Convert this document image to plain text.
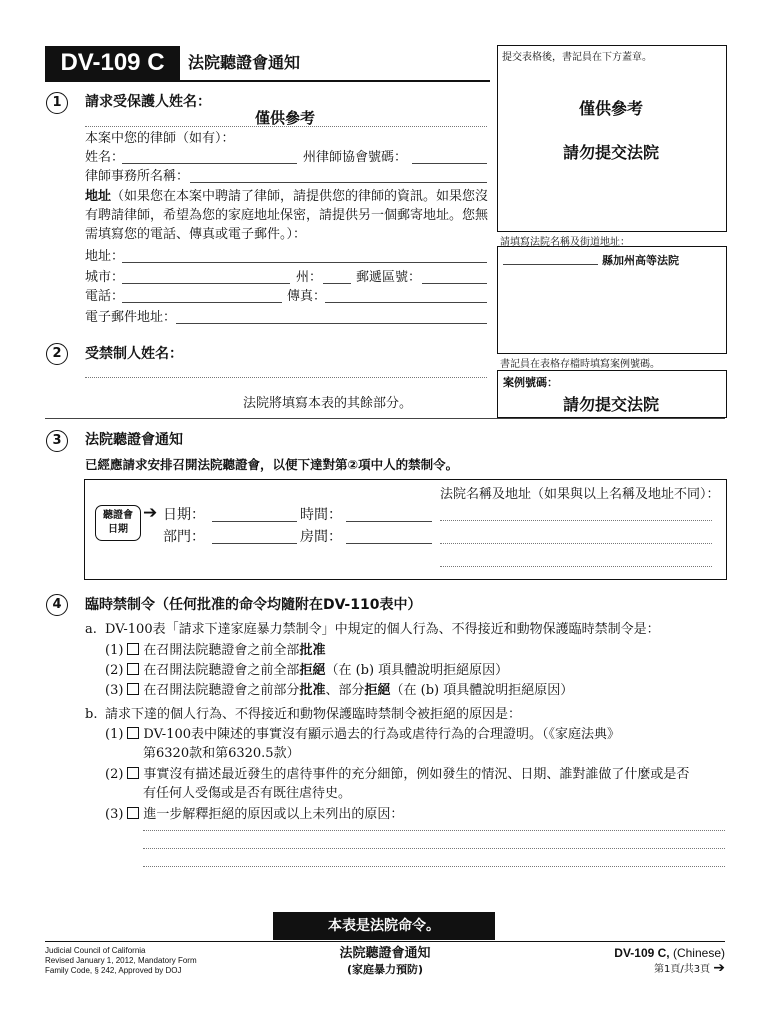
DV-109 C	法院聽證會通知	提交表格後，書記員在下方蓋章。
僅供參考
請勿提交法院
請填寫法院名稱及街道地址：
縣加州高等法院
書記員在表格存檔時填寫案例號碼。
案例號碼：
請勿提交法院
1	請求受保護人姓名：
僅供參考
本案中您的律師（如有）：
姓名：	州律師協會號碼：
律師事務所名稱：
地址（如果您在本案中聘請了律師，請提供您的律師的資訊。如果您沒有聘請律師，希望為您的家庭地址保密，請提供另一個郵寄地址。您無需填寫您的電話、傳真或電子郵件。）：
地址：
城市：	州：	郵遞區號：
電話：	傳真：
電子郵件地址：
2	受禁制人姓名：
法院將填寫本表的其餘部分。
3	法院聽證會通知
已經應請求安排召開法院聽證會，以便下達對第②項中人的禁制令。
聽證會
日期
➔ 日期：	時間：
部門：	房間：
法院名稱及地址（如果與以上名稱及地址不同）：
4	臨時禁制令（任何批准的命令均隨附在DV-110表中）
a. DV-100表「請求下達家庭暴力禁制令」中規定的個人行為、不得接近和動物保護臨時禁制令是：
(1) 在召開法院聽證會之前全部批准
(2) 在召開法院聽證會之前全部拒絕（在 (b) 項具體說明拒絕原因）
(3) 在召開法院聽證會之前部分批准、部分拒絕（在 (b) 項具體說明拒絕原因）
b. 請求下達的個人行為、不得接近和動物保護臨時禁制令被拒絕的原因是：
(1) DV-100表中陳述的事實沒有顯示過去的行為或虐待行為的合理證明。（《家庭法典》
第6320款和第6320.5款）
(2) 事實沒有描述最近發生的虐待事件的充分細節，例如發生的情況、日期、誰對誰做了什麼或是否
有任何人受傷或是否有既往虐待史。
(3) 進一步解釋拒絕的原因或以上未列出的原因：
本表是法院命令。
Judicial Council of California
Revised January 1, 2012, Mandatory Form
Family Code, § 242, Approved by DOJ
法院聽證會通知
(家庭暴力預防)
DV-109 C, (Chinese)
第1頁/共3頁 ➔
